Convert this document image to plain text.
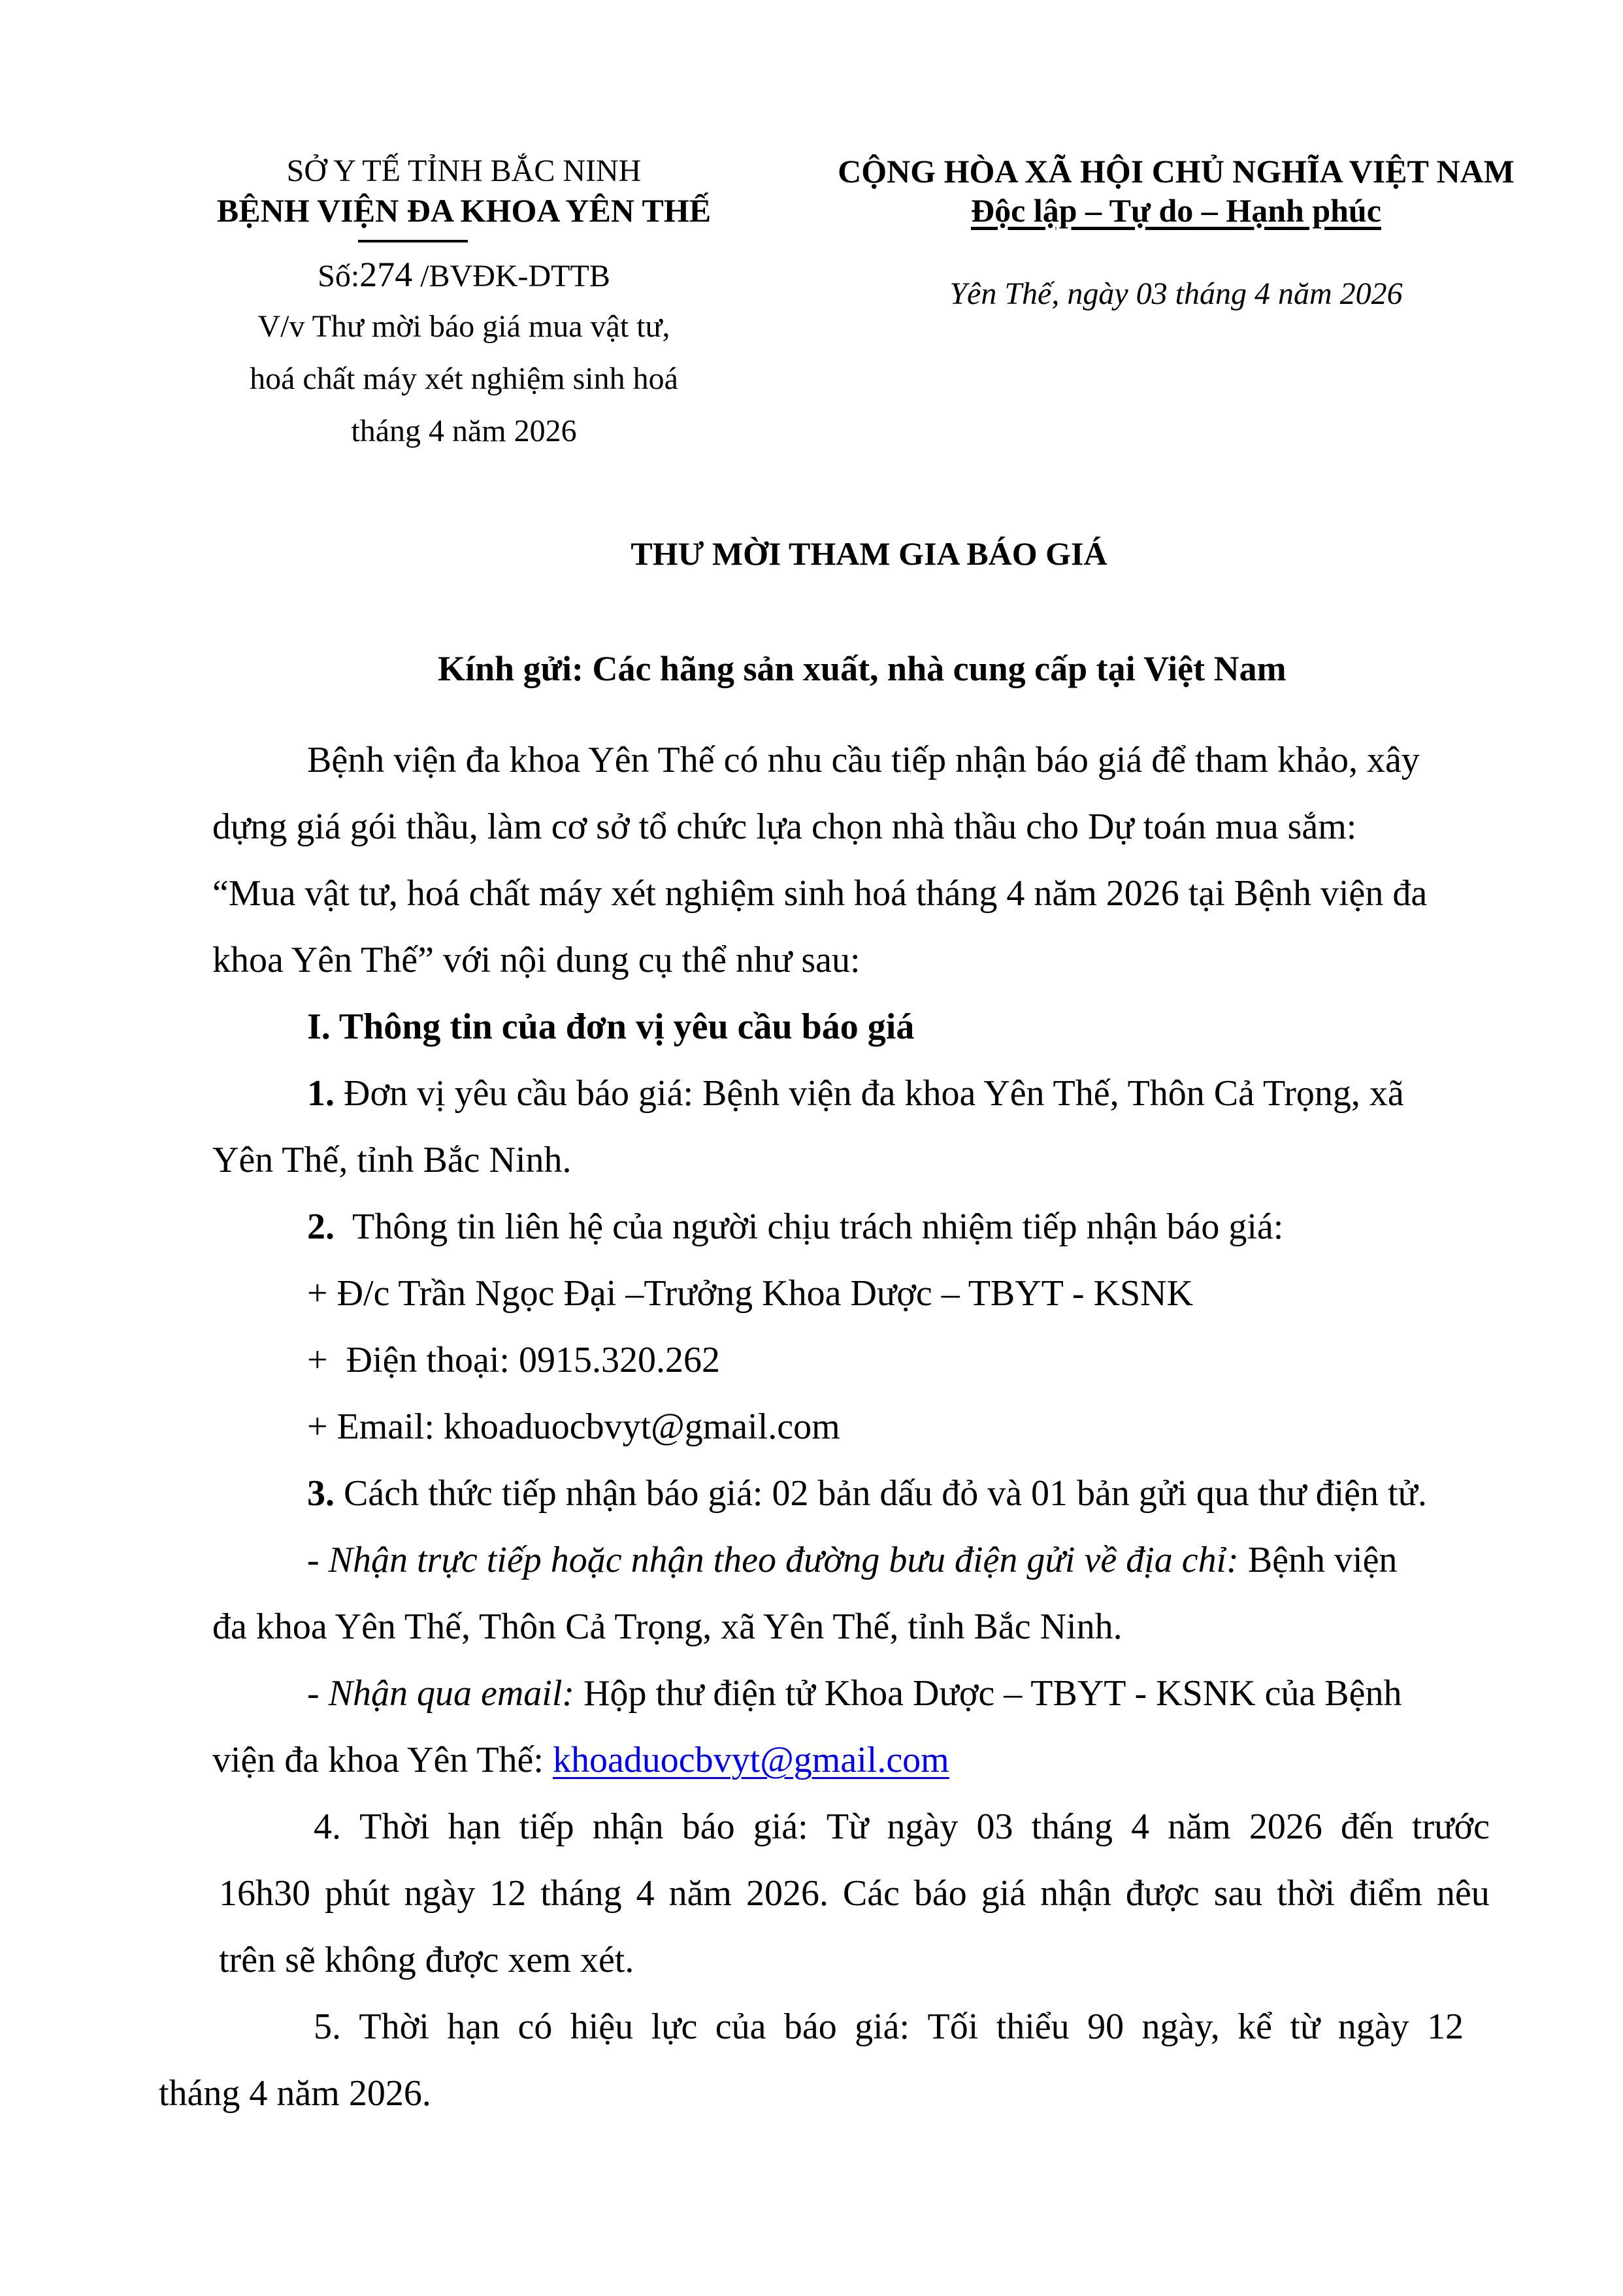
SỞ Y TẾ TỈNH BẮC NINH
BỆNH VIỆN ĐA KHOA YÊN THẾ
Số:274 /BVĐK-DTTB
V/v Thư mời báo giá mua vật tư,
hoá chất máy xét nghiệm sinh hoá
tháng 4 năm 2026
CỘNG HÒA XÃ HỘI CHỦ NGHĨA VIỆT NAM
Độc lập – Tự do – Hạnh phúc
Yên Thế, ngày 03 tháng 4 năm 2026
THƯ MỜI THAM GIA BÁO GIÁ
Kính gửi: Các hãng sản xuất, nhà cung cấp tại Việt Nam
Bệnh viện đa khoa Yên Thế có nhu cầu tiếp nhận báo giá để tham khảo, xây
dựng giá gói thầu, làm cơ sở tổ chức lựa chọn nhà thầu cho Dự toán mua sắm:
“Mua vật tư, hoá chất máy xét nghiệm sinh hoá tháng 4 năm 2026 tại Bệnh viện đa
khoa Yên Thế” với nội dung cụ thể như sau:
I. Thông tin của đơn vị yêu cầu báo giá
1. Đơn vị yêu cầu báo giá: Bệnh viện đa khoa Yên Thế, Thôn Cả Trọng, xã
Yên Thế, tỉnh Bắc Ninh.
2.  Thông tin liên hệ của người chịu trách nhiệm tiếp nhận báo giá:
+ Đ/c Trần Ngọc Đại –Trưởng Khoa Dược – TBYT - KSNK
+  Điện thoại: 0915.320.262
+ Email: khoaduocbvyt@gmail.com
3. Cách thức tiếp nhận báo giá: 02 bản dấu đỏ và 01 bản gửi qua thư điện tử.
- Nhận trực tiếp hoặc nhận theo đường bưu điện gửi về địa chỉ: Bệnh viện
đa khoa Yên Thế, Thôn Cả Trọng, xã Yên Thế, tỉnh Bắc Ninh.
- Nhận qua email: Hộp thư điện tử Khoa Dược – TBYT - KSNK của Bệnh
viện đa khoa Yên Thế: khoaduocbvyt@gmail.com
4. Thời hạn tiếp nhận báo giá: Từ ngày 03 tháng 4 năm 2026 đến trước
16h30 phút ngày 12 tháng 4 năm 2026. Các báo giá nhận được sau thời điểm nêu
trên sẽ không được xem xét.
5. Thời hạn có hiệu lực của báo giá: Tối thiểu 90 ngày, kể từ ngày 12
tháng 4 năm 2026.
